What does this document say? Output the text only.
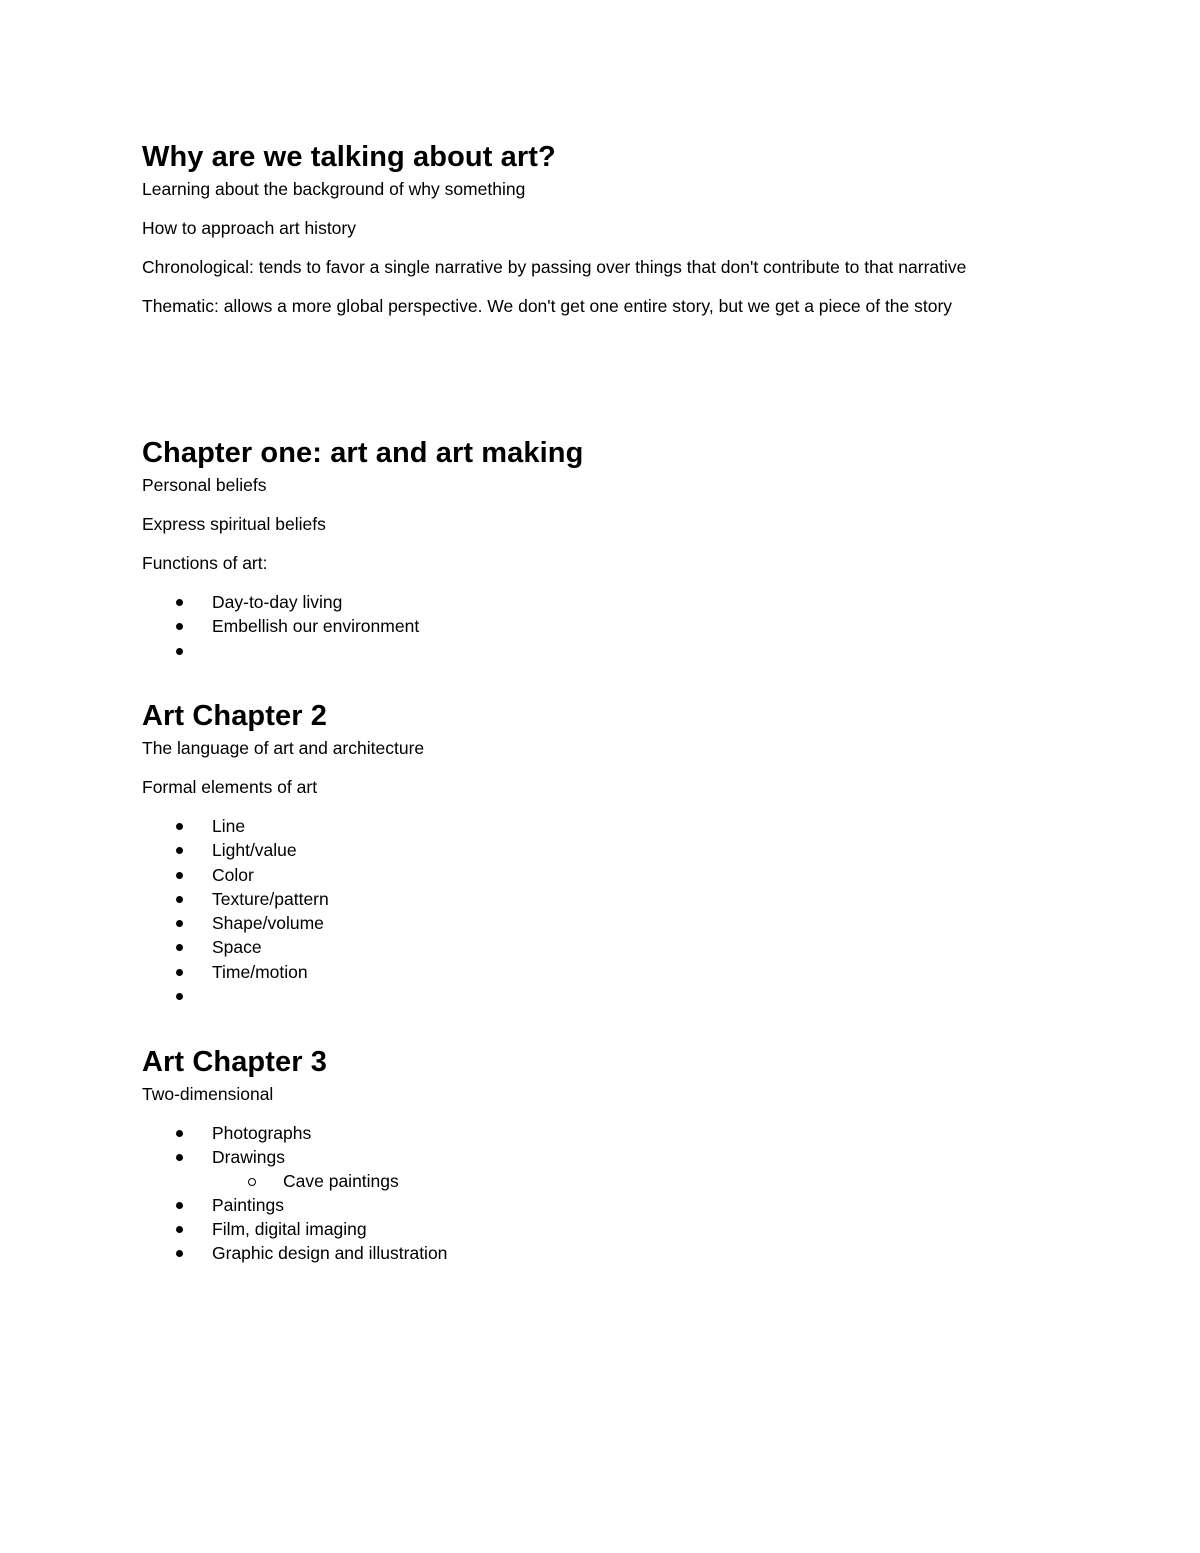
Why are we talking about art?

Learning about the background of why something

How to approach art history

Chronological: tends to favor a single narrative by passing over things that don't contribute to that narrative

Thematic: allows a more global perspective. We don't get one entire story, but we get a piece of the story

Chapter one: art and art making

Personal beliefs

Express spiritual beliefs

Functions of art:

Day-to-day living
Embellish our environment
Art Chapter 2

The language of art and architecture

Formal elements of art

Line
Light/value
Color
Texture/pattern
Shape/volume
Space
Time/motion
Art Chapter 3

Two-dimensional

Photographs
Drawings
Cave paintings
Paintings
Film, digital imaging
Graphic design and illustration
